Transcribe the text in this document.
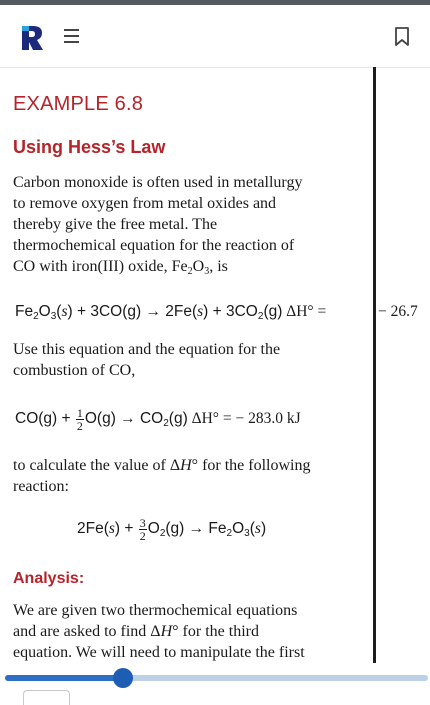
EXAMPLE 6.8
Using Hess’s Law
Carbon monoxide is often used in metallurgy
to remove oxygen from metal oxides and
thereby give the free metal. The
thermochemical equation for the reaction of
CO with iron(III) oxide, $Fe_2O_3$, is
$Fe_2O_3(s) + 3CO(g) \to 2Fe(s) + 3CO_2(g) \Delta H^\circ$ =	− 26.7
Use this equation and the equation for the
combustion of CO,
$CO(g) + \frac{1}{2} O(g) \to CO_2(g) \Delta H^\circ$ = − 283.0 kJ
to calculate the value of ΔH° for the following
reaction:
$2Fe(s) + \frac{3}{2} O_2(g) \to Fe_2O_3(s)$
Analysis:
We are given two thermochemical equations
and are asked to find ΔH° for the third
equation. We will need to manipulate the first
